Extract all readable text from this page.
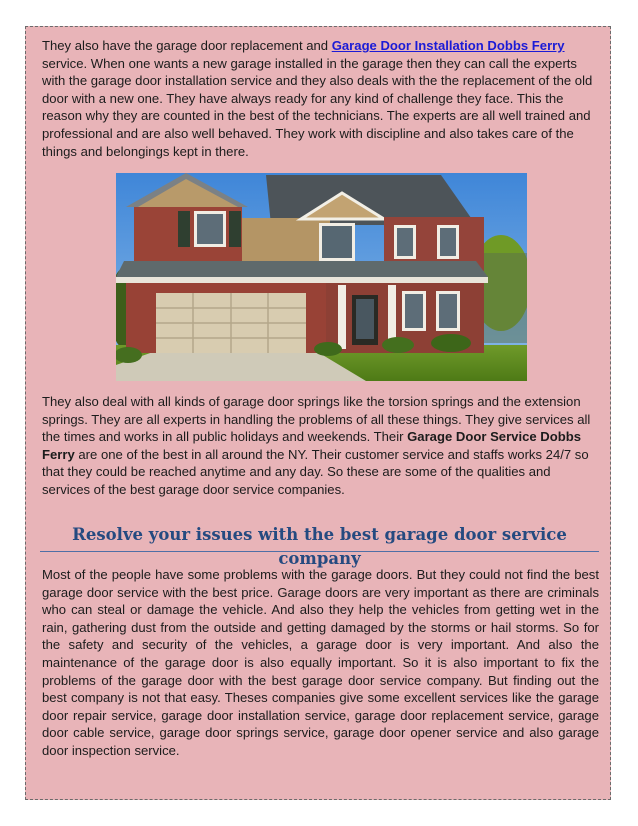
They also have the garage door replacement and Garage Door Installation Dobbs Ferry service. When one wants a new garage installed in the garage then they can call the experts with the garage door installation service and they also deals with the the replacement of the old door with a new one. They have always ready for any kind of challenge they face. This the reason why they are counted in the best of the technicians. The experts are all well trained and professional and are also well behaved. They work with discipline and also takes care of the things and belongings kept in there.

They also deal with all kinds of garage door springs like the torsion springs and the extension springs. They are all experts in handling the problems of all these things. They give services all the times and works in all public holidays and weekends. Their Garage Door Service Dobbs Ferry are one of the best in all around the NY. Their customer service and staffs works 24/7 so that they could be reached anytime and any day. So these are some of the qualities and services of the best garage door service companies.

Resolve your issues with the best garage door service company

Most of the people have some problems with the garage doors. But they could not find the best garage door service with the best price. Garage doors are very important as there are criminals who can steal or damage the vehicle. And also they help the vehicles from getting wet in the rain, gathering dust from the outside and getting damaged by the storms or hail storms. So for the safety and security of the vehicles, a garage door is very important. And also the maintenance of the garage door is also equally important. So it is also important to fix the problems of the garage door with the best garage door service company. But finding out the best company is not that easy. Theses companies give some excellent services like the garage door repair service, garage door installation service, garage door replacement service, garage door cable service, garage door springs service, garage door opener service and also garage door inspection service.
